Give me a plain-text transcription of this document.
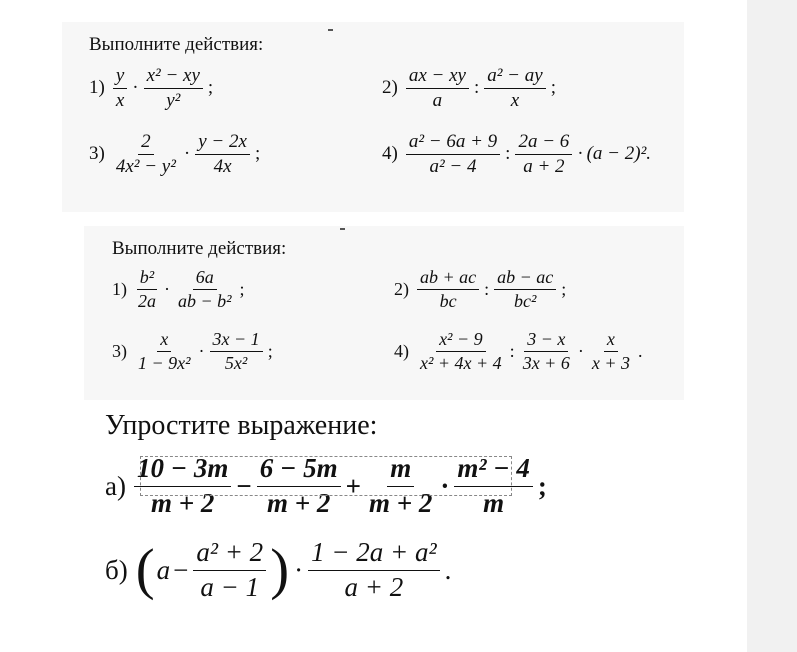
Выполните действия:
$1) \frac{y}{x} \cdot \frac{\text{x² − xy}}{\text{y²}}$ ;	$2) \frac{ax - xy}{a}$ : $\frac{\text{a² − ay}}{x}$ ;
$3) \frac{2}{\text{4x² − y²}} \cdot \frac{y - 2x}{4x}$ ;	$4) \frac{\text{a² − 6a + 9}}{\text{a² − 4}}$ : $\frac{2a - 6}{a + 2} \cdot (a - 2)^2$.
Выполните действия:
$1) \frac{\text{b²}}{2a} \cdot \frac{6a}{\text{ab − b²}}$ ;	$2) \frac{ab + ac}{bc}$ : $\frac{ab - ac}{\text{bc²}}$ ;
$3) \frac{x}{\text{1 − 9x²}} \cdot \frac{3x - 1}{\text{5x²}}$ ;	$4) \frac{\text{x² − 9}}{\text{x² + 4x + 4}}$ : $\frac{3 - x}{3x + 6} \cdot \frac{x}{x + 3}$ .
Упростите выражение:
$а) \frac{10 - 3m}{m + 2} - \frac{6 - 5m}{m + 2} + \frac{m}{m + 2} \cdot \frac{\text{m² − 4}}{m}$ ;
б) ( $a - \frac{\text{a² + 2}}{a - 1}$ ) · $\frac{\text{1 − 2a + a²}}{a + 2}$ .
